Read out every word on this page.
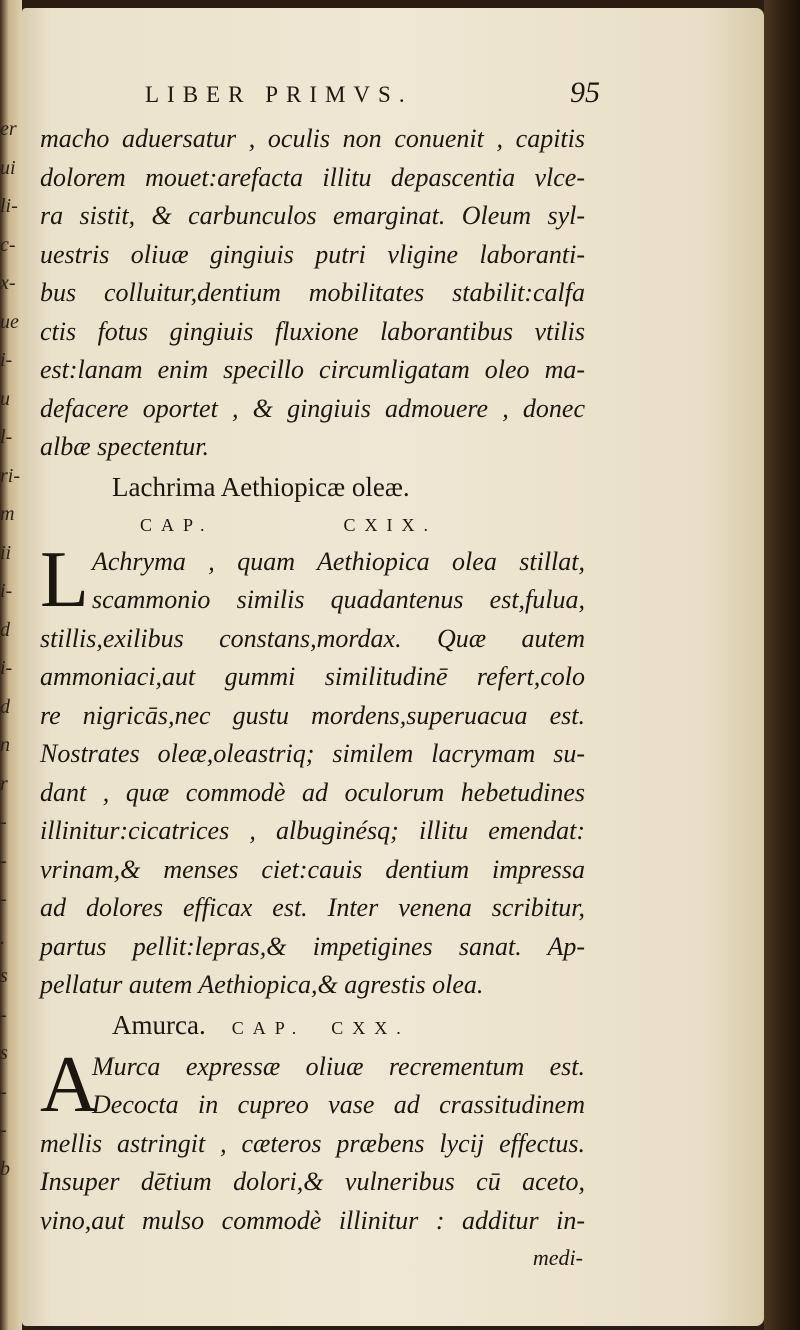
er
ui
li-
c-
x-
ue
i-
u
l-
ri-
m
ii
i-
d
i-
d
n
r
-
-
-
.
s
-
s
-
-
b
LIBER PRIMVS.	95
macho aduersatur , oculis non conuenit , capitis
dolorem mouet:arefacta illitu depascentia vlce-
ra sistit, & carbunculos emarginat. Oleum syl-
uestris oliuæ gingiuis putri vligine laboranti-
bus colluitur,dentium mobilitates stabilit:calfa
ctis fotus gingiuis fluxione laborantibus vtilis
est:lanam enim specillo circumligatam oleo ma-
defacere oportet , & gingiuis admouere , donec
albæ spectentur.
Lachrima Aethiopicæ oleæ.
CAP.	CXIX.
L Achryma , quam Aethiopica olea stillat,
scammonio similis quadantenus est,fulua,
stillis,exilibus constans,mordax. Quæ autem
ammoniaci,aut gummi similitudinē refert,colo
re nigricās,nec gustu mordens,superuacua est.
Nostrates oleæ,oleastriq; similem lacrymam su-
dant , quæ commodè ad oculorum hebetudines
illinitur:cicatrices , albuginésq; illitu emendat:
vrinam,& menses ciet:cauis dentium impressa
ad dolores efficax est. Inter venena scribitur,
partus pellit:lepras,& impetigines sanat. Ap-
pellatur autem Aethiopica,& agrestis olea.
Amurca. CAP. CXX.
A
Murca expressæ oliuæ recrementum est.
Decocta in cupreo vase ad crassitudinem
mellis astringit , cæteros præbens lycij effectus.
Insuper dētium dolori,& vulneribus cū aceto,
vino,aut mulso commodè illinitur : additur in-
medi-
